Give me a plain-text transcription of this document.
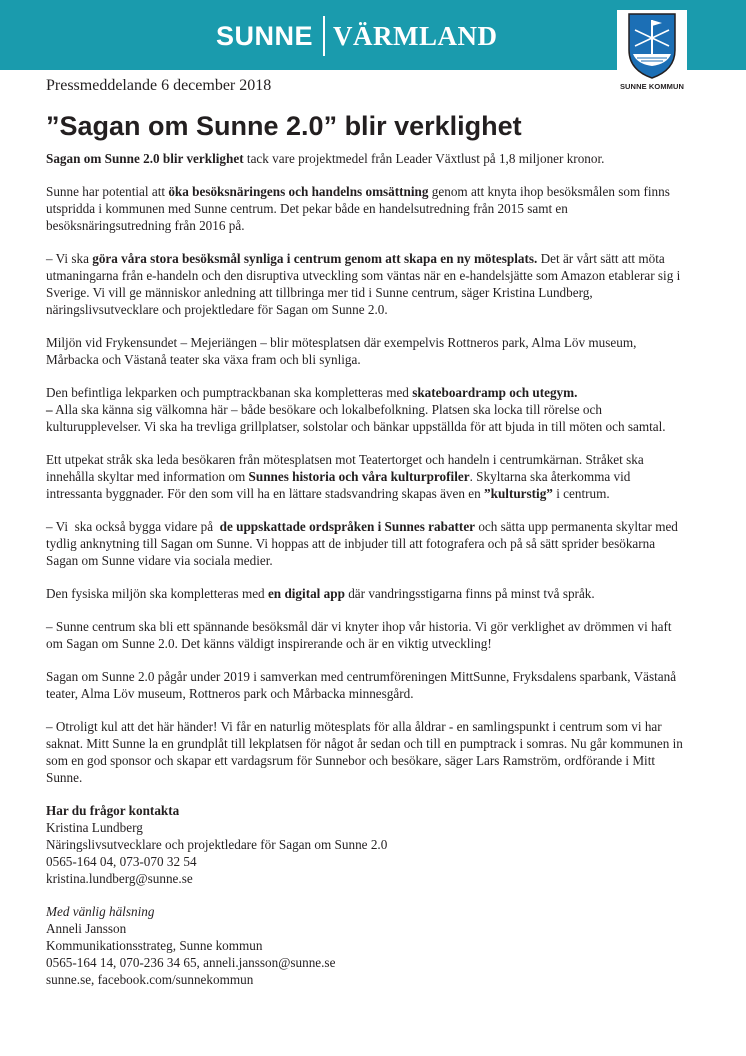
SUNNE VÄRMLAND
SUNNE KOMMUN
Pressmeddelande 6 december 2018
”Sagan om Sunne 2.0” blir verklighet

Sagan om Sunne 2.0 blir verklighet tack vare projektmedel från Leader Växtlust på 1,8 miljoner kronor.

Sunne har potential att öka besöksnäringens och handelns omsättning genom att knyta ihop besöksmålen som finns utspridda i kommunen med Sunne centrum. Det pekar både en handelsutredning från 2015 samt en besöksnäringsutredning från 2016 på.

– Vi ska göra våra stora besöksmål synliga i centrum genom att skapa en ny mötesplats. Det är vårt sätt att möta utmaningarna från e-handeln och den disruptiva utveckling som väntas när en e-handelsjätte som Amazon etablerar sig i Sverige. Vi vill ge människor anledning att tillbringa mer tid i Sunne centrum, säger Kristina Lundberg, näringslivsutvecklare och projektledare för Sagan om Sunne 2.0.

Miljön vid Frykensundet – Mejeriängen – blir mötesplatsen där exempelvis Rottneros park, Alma Löv museum, Mårbacka och Västanå teater ska växa fram och bli synliga.

Den befintliga lekparken och pumptrackbanan ska kompletteras med skateboardramp och utegym.
– Alla ska känna sig välkomna här – både besökare och lokalbefolkning. Platsen ska locka till rörelse och kulturupplevelser. Vi ska ha trevliga grillplatser, solstolar och bänkar uppställda för att bjuda in till möten och samtal.

Ett utpekat stråk ska leda besökaren från mötesplatsen mot Teatertorget och handeln i centrumkärnan. Stråket ska innehålla skyltar med information om Sunnes historia och våra kulturprofiler. Skyltarna ska återkomma vid intressanta byggnader. För den som vill ha en lättare stadsvandring skapas även en ”kulturstig” i centrum.

– Vi  ska också bygga vidare på  de uppskattade ordspråken i Sunnes rabatter och sätta upp permanenta skyltar med tydlig anknytning till Sagan om Sunne. Vi hoppas att de inbjuder till att fotografera och på så sätt sprider besökarna Sagan om Sunne vidare via sociala medier.

Den fysiska miljön ska kompletteras med en digital app där vandringsstigarna finns på minst två språk.

– Sunne centrum ska bli ett spännande besöksmål där vi knyter ihop vår historia. Vi gör verklighet av drömmen vi haft om Sagan om Sunne 2.0. Det känns väldigt inspirerande och är en viktig utveckling!

Sagan om Sunne 2.0 pågår under 2019 i samverkan med centrumföreningen MittSunne, Fryksdalens sparbank, Västanå teater, Alma Löv museum, Rottneros park och Mårbacka minnesgård.

– Otroligt kul att det här händer! Vi får en naturlig mötesplats för alla åldrar - en samlingspunkt i centrum som vi har saknat. Mitt Sunne la en grundplåt till lekplatsen för något år sedan och till en pumptrack i somras. Nu går kommunen in som en god sponsor och skapar ett vardagsrum för Sunnebor och besökare, säger Lars Ramström, ordförande i Mitt Sunne.

Har du frågor kontakta

Kristina Lundberg

Näringslivsutvecklare och projektledare för Sagan om Sunne 2.0

0565-164 04, 073-070 32 54

kristina.lundberg@sunne.se

Med vänlig hälsning

Anneli Jansson

Kommunikationsstrateg, Sunne kommun

0565-164 14, 070-236 34 65, anneli.jansson@sunne.se

sunne.se, facebook.com/sunnekommun
